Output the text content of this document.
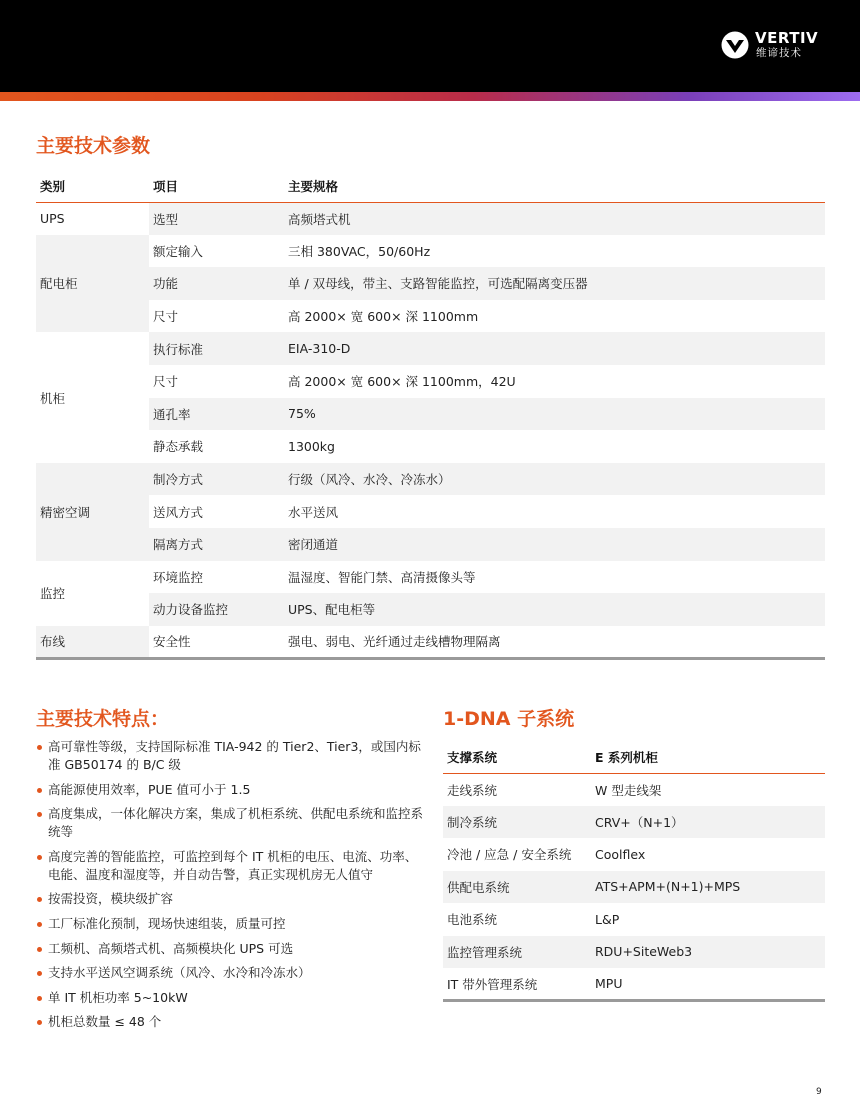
VERTIV
维谛技术
主要技术参数
类别	项目	主要规格
UPS	选型	高频塔式机
配电柜	额定输入	三相 380VAC，50/60Hz
	功能	单 / 双母线，带主、支路智能监控，可选配隔离变压器
	尺寸	高 2000× 宽 600× 深 1100mm
机柜	执行标准	EIA-310-D
	尺寸	高 2000× 宽 600× 深 1100mm，42U
	通孔率	75%
	静态承载	1300kg
精密空调	制冷方式	行级（风冷、水冷、冷冻水）
	送风方式	水平送风
	隔离方式	密闭通道
监控	环境监控	温湿度、智能门禁、高清摄像头等
	动力设备监控	UPS、配电柜等
布线	安全性	强电、弱电、光纤通过走线槽物理隔离
主要技术特点：
高可靠性等级，支持国际标准 TIA-942 的 Tier2、Tier3，或国内标准 GB50174 的 B/C 级
高能源使用效率，PUE 值可小于 1.5
高度集成，一体化解决方案，集成了机柜系统、供配电系统和监控系统等
高度完善的智能监控，可监控到每个 IT 机柜的电压、电流、功率、电能、温度和湿度等，并自动告警，真正实现机房无人值守
按需投资，模块级扩容
工厂标准化预制，现场快速组装，质量可控
工频机、高频塔式机、高频模块化 UPS 可选
支持水平送风空调系统（风冷、水冷和冷冻水）
单 IT 机柜功率 5~10kW
机柜总数量 ≤ 48 个
1-DNA 子系统
支撑系统	E 系列机柜
走线系统	W 型走线架
制冷系统	CRV+（N+1）
冷池 / 应急 / 安全系统	Coolflex
供配电系统	ATS+APM+(N+1)+MPS
电池系统	L&P
监控管理系统	RDU+SiteWeb3
IT 带外管理系统	MPU
9
